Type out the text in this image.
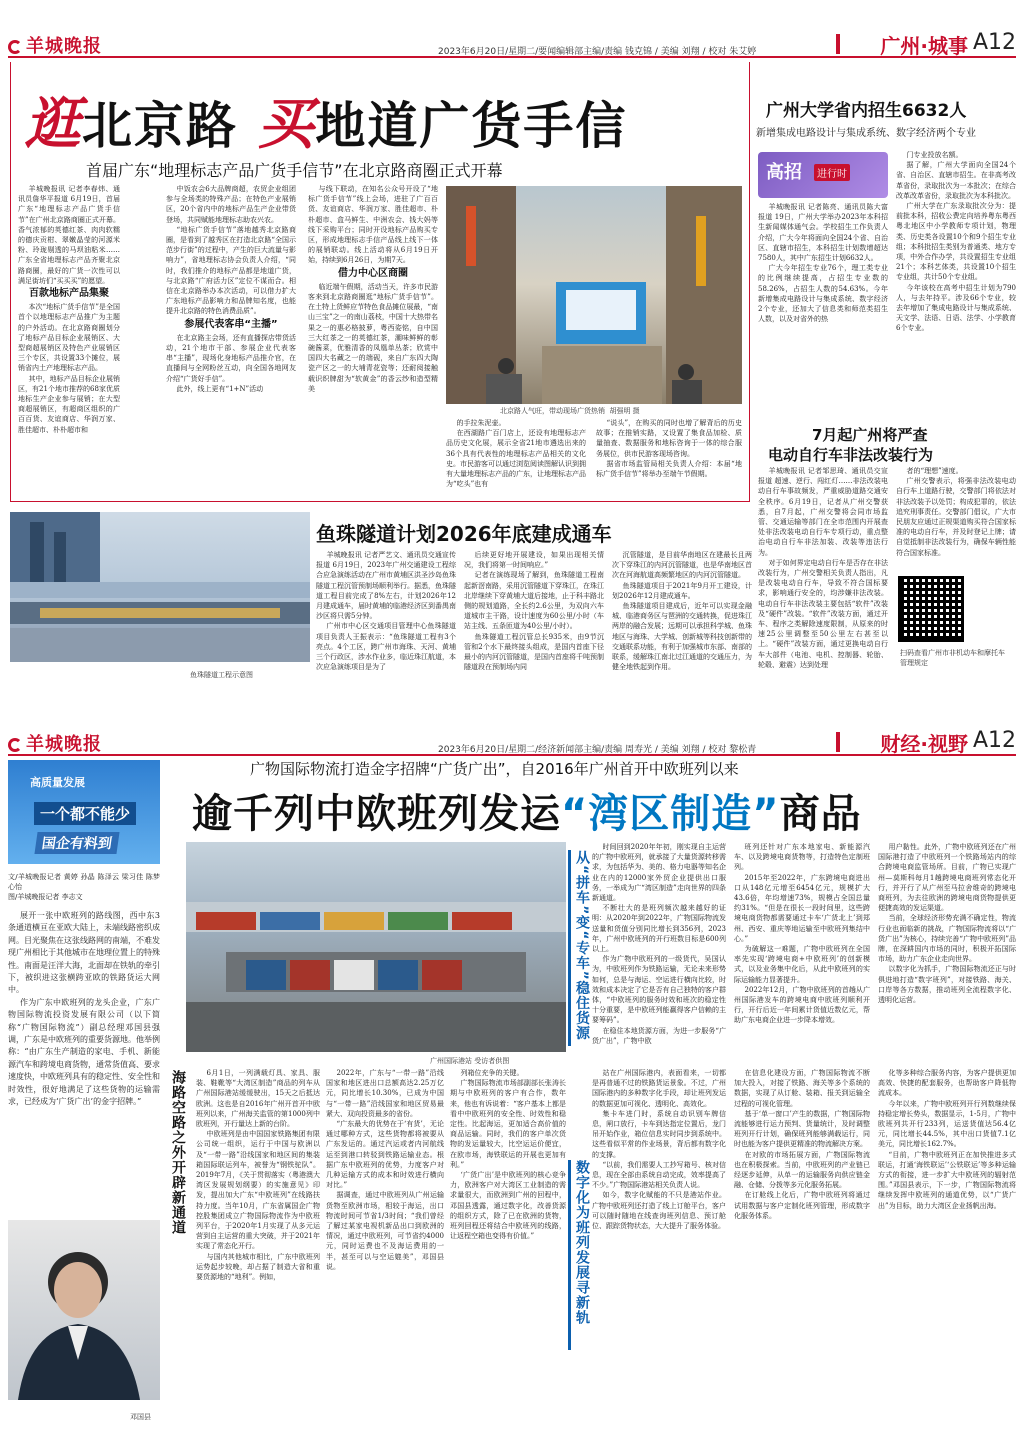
羊城晚报	2023年6月20日/星期二/要闻编辑部主编/责编 钱克锦 / 美编 刘翔 / 校对 朱艾婷	广州·城事 A12
逛北京路 买地道广货手信
首届广东“地理标志产品广货手信节”在北京路商圈正式开幕

羊城晚报讯 记者李春炜、通讯员詹华平报道 6月19日，首届广东“地理标志产品广货手信节”在广州北京路商圈正式开幕。香气浓郁的英德红茶、肉肉软糯的德庆贡柑、翠嫩晶莹的河源米粉、玲珑剔透的马坝油粘米……广东全省地理标志产品齐聚北京路商圈，最好的广货一次性可以满足街坊们“买买买”的愿望。

百款地标产品集聚

本次“地标广货手信节”是全国首个以地理标志产品推广为主题的户外活动。在北京路商圈划分了地标产品目标企业展销区、大型商超展销区及特色产业展销区三个专区，共设置33个摊位，展销省内土产地理标志产品。

其中，地标产品目标企业展销区，有21个地市推荐的68家优质地标生产企业参与展销；在大型商超展销区，有超商区组织的广百百货、友谊商店、华润万家、胜佳超市、朴朴超市和

中饭农会6大品牌商超，农贸企业组团参与全场类的特殊产品；在特色产业展销区，20个省内中的地标产品生产企业带货登场，共同赋能地理标志助农兴农。

“地标广货手信节”落地越秀北京路商圈，是看到了越秀区在打造北京路“全国示范步行街”的过程中，产生的巨大流量与影响力”，省地理标志协会负责人介绍，“同时，我们推介的地标产品都是地道广货，与北京路“广府活力区”定位不谋而合。相信在北京路举办本次活动，可以借力扩大广东地标产品影响力和品牌知名度，也能提升北京路的特色消费品质”。

参展代表客串“主播”

在北京路主会场，还有直播探店带货活动，21个地市干部、参展企业代表客串“主播”，现场化身地标产品推介官，在直播间与全网粉丝互动，向全国各地网友介绍“广货好手信”。

此外，线上更有“1+N”活动

与线下联动，在知名公众号开设了“地标广货手信节”线上会场，进驻了广百百货、友谊商店、华润万家、胜佳超市、朴朴超市、盒马鲜生、中洲农会、钱大妈等线下采购平台；同时开设地标产品购买专区，形成地理标志手信产品线上线下一体的展销联动。线上活动将从6月19日开始，持续到6月26日，为期7天。

借力中心区商圈

临近端午假期，活动当天，许多市民游客来到北京路商圈逛“地标广货手信节”。在土特上货鲜应节特色食品摊位展最，“南山三宝”之一的南山荔枝，中国十大热带名果之一的惠必格披萝，粤西姿铭，自中国三大红茶之一的英德红茶，潮味鲜鲜的彰碗酱菜，优雅清香的凤凰单丛茶；欣赏中国四大名藏之一的端砚，来自广东四大陶瓷产区之一的大埔青花瓷等；还耐阅接触载识织牌甜为“软黄金”的香云纱和造型精美

北京路人气旺，带动现场广货热销 胡强明 摄

的手拉朱泥壶。

在西湖路广百门店上，还设有地理标志产品历史文化展，展示全省21地市遴选出来的36个具有代表性的地理标志产品相关的文化史。市民游客可以通过浏览阅读图解认识到拥有大量地理标志产品的广东，让地理标志产品为“吃头”也有

“说头”，在购买的同时也增了解背后的历史故事；在推销实路，又设置了集食品加检、质量抽查、数据服务和地标咨询于一体的综合服务展位，供市民游客现场咨询。

据省市场监管局相关负责人介绍：本届“地标广货手信节”将举办至端午节假期。

广州大学省内招生6632人
新增集成电路设计与集成系统、数字经济两个专业
高招	进行时

羊城晚报讯 记者陈亮、通讯员陈大富报道 19日，广州大学举办2023年本科招生新闻媒体通气会。学校招生工作负责人介绍，广大今年将面向全国24个省、自治区、直辖市招生，本科招生计划数增超达7580人，其中广东招生计划6632人。

广大今年招生专业76个，理工类专业的比例继续提高，占招生专业数的58.26%，占招生人数的54.63%。今年新增集成电路设计与集成系统、数字经济2个专业，还加大了信息类和师范类招生人数，以及对省外的热

门专业投放名额。

据了解，广州大学面向全国24个省、自治区、直辖市招生。在非高考改革省份，录取批次为一本批次；在综合改革改革省份，录取批次为本科批次。

广州大学在广东录取批次分为：提前批本科，招收公费定向培养粤东粤西粤北地区中小学教师专项计划，物理类、历史类各设置10个和9个招生专业组；本科批招生类别为普通类、地方专项，中外合作办学，共设置招生专业组21个；本科艺体类，共设置10个招生专业组，共计50个专业组。

今年该校在高考中招生计划为790人，与去年持平。涉及66个专业，较去年增加了集成电路设计与集成系统、天文学、法语、日语、法学、小学教育6个专业。

7月起广州将严查
电动自行车非法改装行为

羊城晚报讯 记者邹思琦、通讯员交宣报道 超速、逆行、闯红灯……非法改装电动自行车事故频发，严重威胁道路交通安全秩序。6月19日，记者从广州交警获悉，自7月起，广州交警将会同市场监管、交通运输等部门在全市范围内开展查处非法改装电动自行车专项行动，重点整治电动自行车非法加装、改装等违法行为。

对于如何界定电动自行车是否存在非法改装行为，广州交警相关负责人指出，凡是改装电动自行车，导致不符合国标要求，影响通行安全的，均涉嫌非法改装。电动自行车非法改装主要包括“软件”改装及“硬件”改装。“软件”改装方面，通过开车、程序之类解除速度限制，从原来的时速25公里调整至50公里左右甚至以上。“硬件”改装方面，通过更换电动自行车大部件（电池、电机、控制器、轮胎、轮毂、避震）达到处理

者的“理想”速度。

广州交警表示，将强非法改装电动自行车上道路行驶，交警部门将依法对非法改装予以处罚；构成犯罪的，依法追究刑事责任。交警部门倡议，广大市民朋友应通过正规渠道购买符合国家标准的电动自行车，并及时登记上牌；请自觉抵制非法改装行为，确保车辆性能符合国家标准。

扫码查看广州市非机动车和摩托车管理规定
鱼珠隧道工程示意图
鱼珠隧道计划2026年底建成通车

羊城晚报讯 记者严艺文、通讯员交通宣传报道 6月19日，2023年广州交通建设工程综合应急演练活动在广州市黄埔区洪圣沙岛鱼珠隧道工程沉管预制场顺利举行。据悉，鱼珠隧道工程目前完成了8%左右，计划2026年12月建成通车，届时黄埔的临港经济区到番禺南沙区将只需5分钟。

广州市中心区交通项目管理中心鱼珠隧道项目负责人王振表示：“鱼珠隧道工程有3个亮点。4个工区，跨广州市海珠、天河、黄埔三个行政区，涉水作业多，临近珠江航道，本次应急演练项目是为了

后续更好地开展建设，如果出现相关情况，我们将第一时间响应。”

记者在演练现场了解到，鱼珠隧道工程南起新滘南路，采用沉管隧道下穿珠江，在珠江北岸继续下穿黄埔大道后接地，止于科丰路北侧的规划道路，全长约2.6公里，为双向六车道城市主干路，设计速度为60公里/小时（车站主线、五条匝道为40公里/小时）。

鱼珠隧道工程沉管总长935米，由9节沉管和2个水下最终接头组成，是国内首座下径最小的内河沉管隧道，是国内首座将千吨预制隧道段在预制场内同

沉管隧道，是目前华南地区在建最长且两次下穿珠江的内河沉管隧道，也是华南地区首次在河海航道高频繁地区的内河沉管隧道。

鱼珠隧道项目于2021年9月开工建设，计划2026年12月建成通车。

鱼珠隧道项目建成后，近年可以实现金融城、临港商务区与琶洲的交通转换，促进珠江两岸的融合发展；远期可以承担科学城、鱼珠地区与海珠、大学城、创新城等科技创新带的交通联系功能，有利于加强城市东部、南部的联系，缓解珠江南北过江通道的交通压力，为健全地铁起到作用。

羊城晚报	2023年6月20日/星期二/经济新闻部主编/责编 周寿光 / 美编 刘翔 / 校对 黎松青	财经·视野 A12
高质量发展
一个都不能少
国企有料到
广物国际物流打造金字招牌“广货广出”，自2016年广州首开中欧班列以来
逾千列中欧班列发运“湾区制造”商品
文/羊城晚报记者 黄婷 孙晶 陈泽云 梁习佳 陈梦心怡
图/羊城晚报记者 李志文

展开一张中欧班列的路线图，西中东3条通道横亘在亚欧大陆上，未端线路密织成网。目光聚焦在这张线路网的南端，不难发现广州相比于其他城市在地理位置上的特殊性。南面是汪洋大海，北面却在铁轨的牵引下，被织进这张横跨亚欧的铁路货运大网中。

作为广东中欧班列的龙头企业，广东广物国际物流投资发展有限公司（以下简称“广物国际物流”）副总经理邓国县强调，广东是中欧班列的重要货源地。他举例称：“由广东生产制造的家电、手机、新能源汽车和跨境电商货物，通常货值高、要求速度快，中欧班列具有的稳定性、安全性和时效性，很好地满足了这些货物的运输需求，已经成为‘广货广出’的金字招牌。”

邓国县
广州国际港站 受访者供图
从“拼车”变“专车”稳住货源

时间回到2020年年初，刚实现自主运营的广物中欧班列，就承接了大量货源转移需求，为包括华为、美的、格力电器等知名企业在内的12000家外贸企业提供出口服务，一举成为广“湾区制造”走向世界的四条新通道。

不断壮大的是班列频次越来越好的证明：从2020年到2022年，广物国际物流发送量和货值分别同比增长到356列，2023年，广州中欧班列的开行班数目标是600列以上。

作为广物中欧班列的一级货代，吴国认为，中欧班列作为铁路运输，无论未来形势如何，总是与海运、空运进行横向比较，时效和成本决定了它是否有自己独特的客户群体，“中欧班列的服务时效和班次的稳定性十分重要，是中欧班列能赢得客户信赖的主要筹码”。

在稳住本地货源方面，为进一步服务“广货广出”，广物中欧

班列还针对广东本地家电、新能源汽车、以及跨境电商货物等，打造特色定制班列。

2015年至2022年，广东跨境电商进出口从148亿元增至6454亿元，规模扩大43.6倍，年均增速73%，规模占全国总量约31%。“但是在很长一段时间里，这些跨境电商货物都需要通过卡车‘广货北上’到郑州、西安、重庆等地运输至中欧班列集结中心。”

为破解这一难题，广物中欧班列在全国率先实现‘跨境电商+中欧班列’的创新模式，以及业务集中化后，从此中欧班列的实际运输能力显著提升。

2022年12月，广物中欧班列的首趟从广州国际港发车的跨境电商中欧班列顺利开行，开行后近一年间累计货值近数亿元，帮助广东电商企业进一步降本增效。

用户黏性。此外，广物中欧班列还在广州国际港打造了中欧班列一个铁路场站内的综合跨境电商监管场所。目前，广物已实现广州—莫斯科每月1趟跨境电商班列常态化开行，并开行了从广州至马拉舍维奇的跨境电商班列，为去往欧洲的跨境电商货物提供更便捷高效的发运渠道。

当前，全球经济形势充满不确定性，物流行业也面临新的挑战，广物国际物流将以“广货广出”为核心，持续完善“广物中欧班列”品牌，在深耕国内市场的同时，积极开拓国际市场，助力广东企业走向世界。

以数字化为抓手，广物国际物流还正与时俱进地打造“数字班列”，对接铁路、海关、口岸等各方数据，推动班列全流程数字化、透明化运营。

海路空路之外开辟新通道	6月1日，一列满载灯具、家具、服装、鞋靴等“大湾区制造”商品的列车从广州国际港站缓缓驶出，15天之后抵达欧洲。这也是自2016年广州开首开中欧班列以来，广州海关监管的第1000列中欧班列，开行量达上新的台阶。

中欧班列是由中国国家铁路集团有限公司统一组织，运行于中国与欧洲以及“一带一路”沿线国家和地区间的集装箱国际联运列车，被誉为“钢铁驼队”。2019年7月，《关于贯彻落实（粤港澳大湾区发展规划纲要）的实施意见》印发，提出加大广东“中欧班列”在线路扶持力度。当年10月，广东省属国企广物控股集团成立广物国际物流作为中欧班列平台，于2020年1月实现了从多元运营到自主运营的重大突破，并于2021年实现了常态化开行。

与国内其他城市相比，广东中欧班列运势起步较晚，却占据了制造大省和重要货源地的“地利”。例如，

2022年，广东与“一带一路”沿线国家和地区进出口总额高达2.25万亿元，同比增长10.30%，已成为中国与“一带一路”沿线国家和地区贸易最紧大、双向投资最多的省份。

“广东最大的优势在于‘有货’，无论通过哪种方式，这些货物都将被要从广东发运的。通过汽运或者内河航线运至到港口转驳到铁路运输业态。根据广东中欧班列的优势，力度客户对几种运输方式的成本和时效进行横向对比。”

据调查，通过中欧班列从广州运输货物至欧洲市场，相较于海运，出口物流时间可节省1/3时间；“我们曾经了解过某家电视机新品出口到欧洲的情况，通过中欧班列，可节省约4000元，同时运费也不及海运费用的一半，甚至可以与空运媲美”，邓国县说。

列箱位充争的关键。

广物国际物流市场部副部长张涛长期与中欧班列的客户有合作，数年来，他也有诉说着：“客户基本上都是看中中欧班列的安全性、时效性和稳定性。比起海运，更加适合高价值的商品运输。同时，我们的客户单次货物的发运量较大，比空运运价便宜，在欧市场，海铁联运的开展也更加有利。”

‘广货广出’是中欧班列的核心竞争力，欧洲客户对大湾区工业制造的需求量很大，而欧洲到广州的回程中，邓国县透露，通过数字化，改善货源的组织方式，除了已在欧洲的货物，班列回程还将结合中欧班列的线路，让返程空箱也变得有价值。”	数字化为班列发展寻新轨

站在广州国际港内，表面看来，一切都是再普通不过的铁路货运景象。不过，广州国际港内的多种数字化手段，却让班列发运的数据更加可视化、透明化、高效化。

集卡车进门时，系统自动识别车牌信息，闸口放行，卡车到达指定位置后，龙门吊开始作业，箱位信息实时同步到系统中。这些看似平常的作业场景，背后都有数字化的支撑。

“以前，我们需要人工抄写箱号、核对信息，现在全部由系统自动完成，效率提高了不少。”广物国际港站相关负责人说。

如今，数字化赋能的不只是港站作业。广物中欧班列还打造了线上订舱平台，客户可以随时随地在线查询班列信息、预订舱位、跟踪货物状态，大大提升了服务体验。

在信息化建设方面，广物国际物流不断加大投入，对接了铁路、海关等多个系统的数据，实现了从订舱、装箱、报关到运输全过程的可视化管理。

基于‘单一窗口’产生的数据，广物国际物流能够进行运力预判、货量统计，及时调整班列开行计划，确保班列能够满载运行，同时也能为客户提供更精准的物流解决方案。

在对欧的市场拓展方面，广物国际物流也在积极探索。当前，中欧班列的产业链已经逐步延伸，从单一的运输服务向供应链金融、仓储、分拨等多元化服务拓展。

在订舱线上化后，广物中欧班列将通过试用数据与客户定制化班列管理，形成数字化服务体系。

化等多种综合服务内容，为客户提供更加高效、快捷的配套服务，也帮助客户降低物流成本。

今年以来，广物中欧班列开行列数继续保持稳定增长势头，数据显示，1-5月，广物中欧班列共开行233列，运送货值达56.4亿元，同比增长44.5%，其中出口货值7.1亿美元，同比增长162.7%。

“目前，广物中欧班列正在加快推进多式联运，打通‘海铁联运’‘公铁联运’等多种运输方式的衔接，进一步扩大中欧班列的辐射范围。”邓国县表示，下一步，广物国际物流将继续发挥中欧班列的通道优势，以“广货广出”为目标，助力大湾区企业扬帆出海。
